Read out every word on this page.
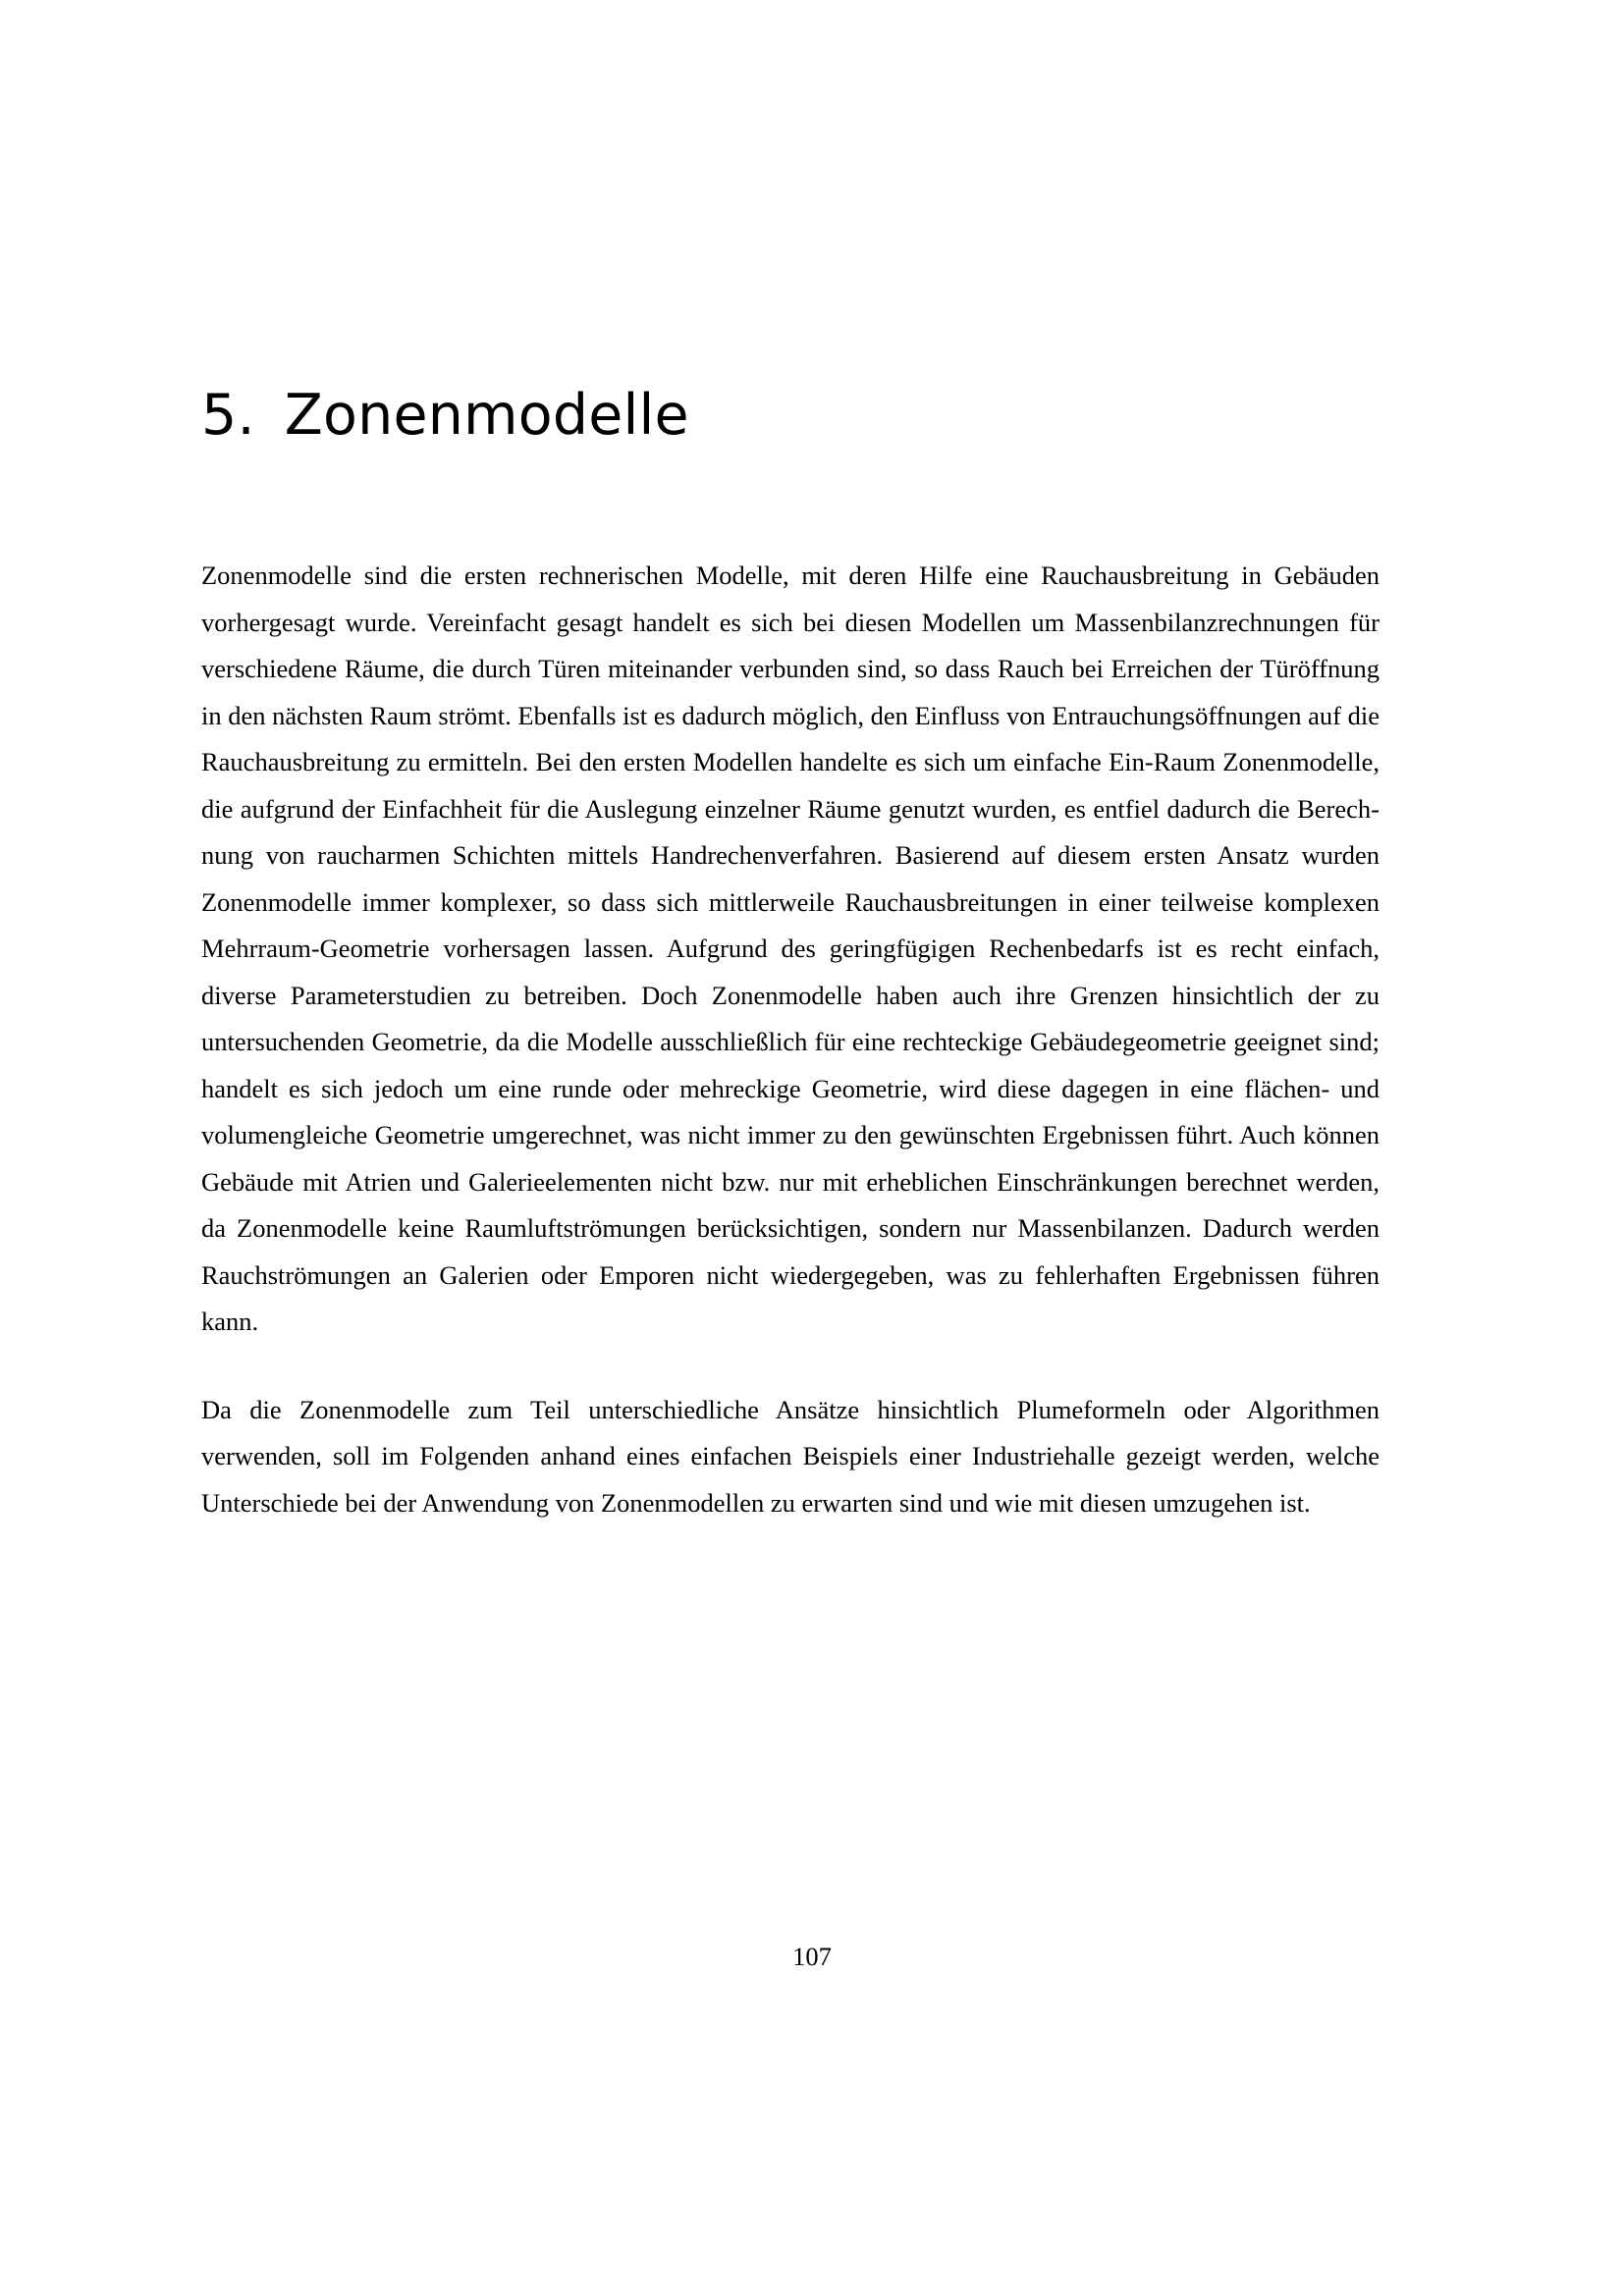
5. Zonenmodelle

Zonenmodelle sind die ersten rechnerischen Modelle, mit deren Hilfe eine Rauchausbreitung in Gebäuden vorhergesagt wurde. Vereinfacht gesagt handelt es sich bei diesen Modellen um Massenbilanzrechnungen für verschiedene Räume, die durch Türen miteinander verbunden sind, so dass Rauch bei Erreichen der Türöffnung in den nächsten Raum strömt. Ebenfalls ist es dadurch möglich, den Einfluss von Entrauchungsöffnungen auf die Rauchausbreitung zu ermitteln. Bei den ersten Modellen handelte es sich um einfache Ein-Raum Zonenmodelle, die aufgrund der Einfachheit für die Auslegung einzelner Räume genutzt wurden, es entfiel dadurch die Berechnung von raucharmen Schichten mittels Handrechenverfahren. Basierend auf diesem ersten Ansatz wurden Zonenmodelle immer komplexer, so dass sich mittlerweile Rauchausbreitungen in einer teilweise komplexen Mehrraum-Geometrie vorhersagen lassen. Aufgrund des geringfügigen Rechenbedarfs ist es recht einfach, diverse Parameterstudien zu betreiben. Doch Zonenmodelle haben auch ihre Grenzen hinsichtlich der zu untersuchenden Geometrie, da die Modelle ausschließlich für eine rechteckige Gebäudegeometrie geeignet sind; handelt es sich jedoch um eine runde oder mehreckige Geometrie, wird diese dagegen in eine flächen- und volumengleiche Geometrie umgerechnet, was nicht immer zu den gewünschten Ergebnissen führt. Auch können Gebäude mit Atrien und Galerieelementen nicht bzw. nur mit erheblichen Einschränkungen berechnet werden, da Zonenmodelle keine Raumluftströmungen berücksichtigen, sondern nur Massenbilanzen. Dadurch werden Rauchströmungen an Galerien oder Emporen nicht wiedergegeben, was zu fehlerhaften Ergebnissen führen kann.

Da die Zonenmodelle zum Teil unterschiedliche Ansätze hinsichtlich Plumeformeln oder Algorithmen verwenden, soll im Folgenden anhand eines einfachen Beispiels einer Industriehalle gezeigt werden, welche Unterschiede bei der Anwendung von Zonenmodellen zu erwarten sind und wie mit diesen umzugehen ist.

107
